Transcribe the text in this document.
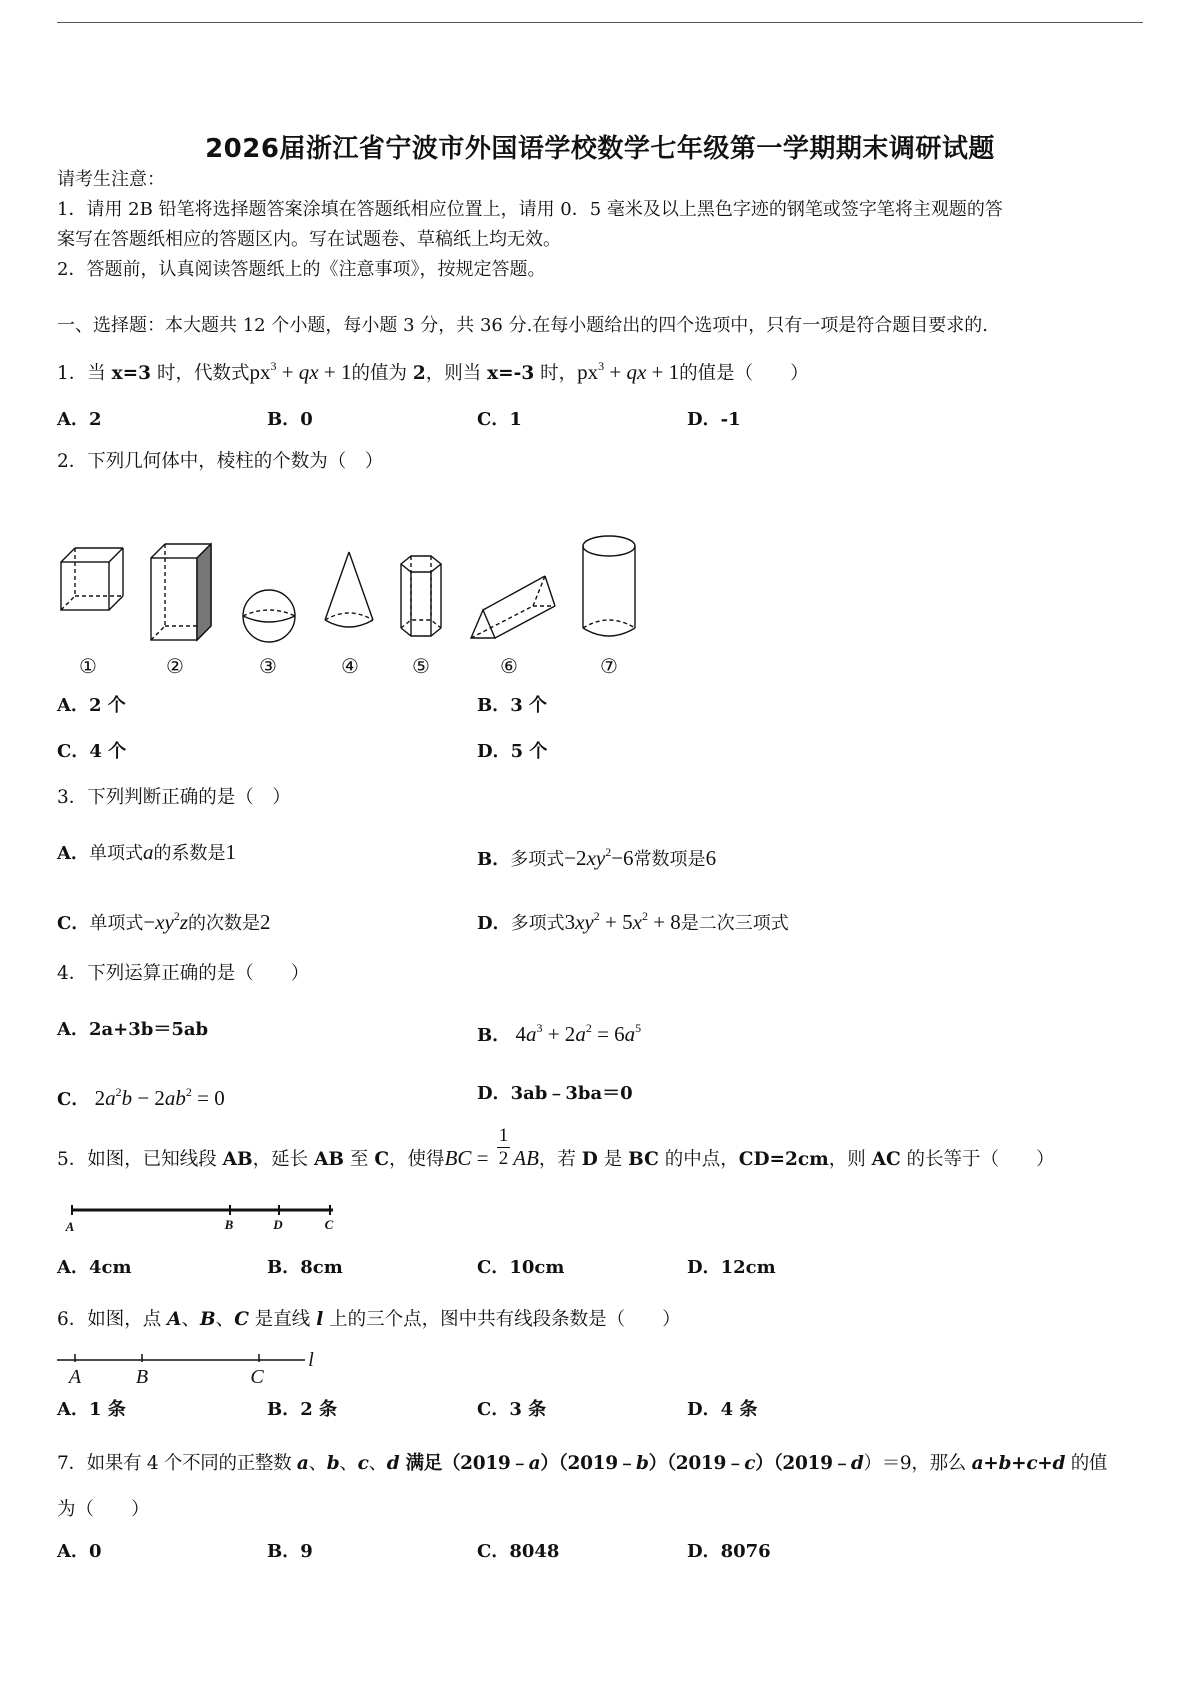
2026届浙江省宁波市外国语学校数学七年级第一学期期末调研试题
请考生注意：
1．请用 2B 铅笔将选择题答案涂填在答题纸相应位置上，请用 0．5 毫米及以上黑色字迹的钢笔或签字笔将主观题的答
案写在答题纸相应的答题区内。写在试题卷、草稿纸上均无效。
2．答题前，认真阅读答题纸上的《注意事项》，按规定答题。
一、选择题：本大题共 12 个小题，每小题 3 分，共 36 分.在每小题给出的四个选项中，只有一项是符合题目要求的.
1．当 x=3 时，代数式$px^3$ + qx + 1的值为 2，则当 x=-3 时，$px^3$ + qx + 1的值是（　　）
A．2	B．0	C．1	D．-1
2．下列几何体中，棱柱的个数为（　）
①	②	③	④	⑤	⑥	⑦
A．2 个	B．3 个
C．4 个	D．5 个
3．下列判断正确的是（　）
A．单项式a的系数是1	B．多项式$-2xy^2-6$常数项是6
C．单项式$-xy^2z$的次数是2	D．多项式$3xy^2 + 5x^2 + 8$是二次三项式
4．下列运算正确的是（　　）
A．2a+3b＝5ab	B． $4a^3 + 2a^2 = 6a^5$
C． $2a^2b - 2ab^2 = 0$	D．3ab﹣3ba＝0
5．如图，已知线段 AB，延长 AB 至 C，使得BC = $\frac{1}{2}$ AB，若 D 是 BC 的中点，CD=2cm，则 AC 的长等于（　　）
A	B	D	C
A．4cm	B．8cm	C．10cm	D．12cm
6．如图，点 A、B、C 是直线 l 上的三个点，图中共有线段条数是（　　）
A	B	C
l
A．1 条	B．2 条	C．3 条	D．4 条
7．如果有 4 个不同的正整数 a、b、c、d 满足（2019﹣a）（2019﹣b）（2019﹣c）（2019﹣d）＝9，那么 a+b+c+d 的值
为（　　）
A．0	B．9	C．8048	D．8076
